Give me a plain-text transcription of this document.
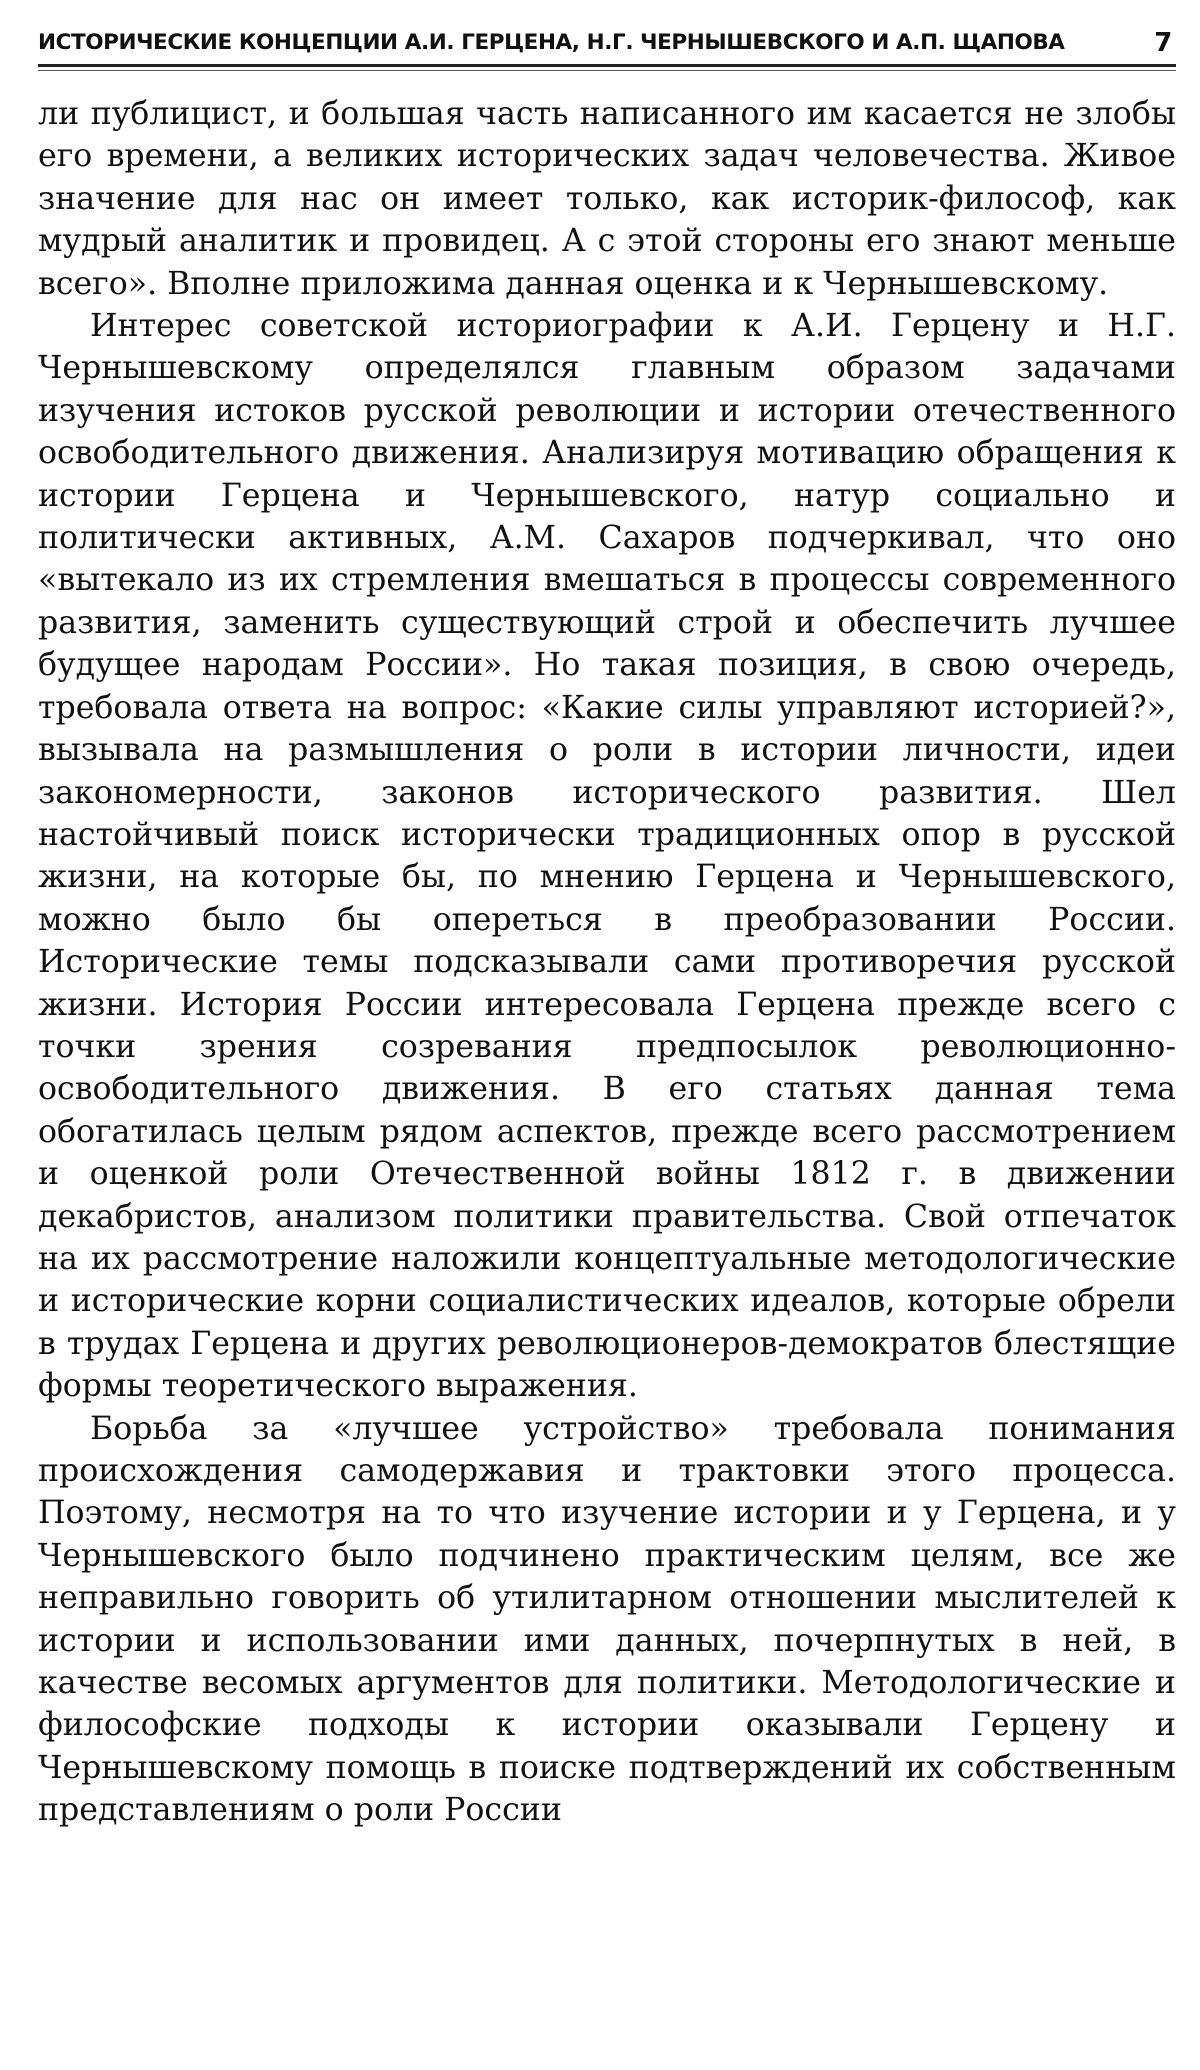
ИСТОРИЧЕСКИЕ КОНЦЕПЦИИ А.И. ГЕРЦЕНА, Н.Г. ЧЕРНЫШЕВСКОГО И А.П. ЩАПОВА	7

ли публицист, и большая часть написанного им касается не злобы его времени, а великих исторических задач человечества. Живое значение для нас он имеет только, как историк-философ, как мудрый аналитик и провидец. А с этой стороны его знают меньше всего». Вполне приложима данная оценка и к Чернышевскому.

Интерес советской историографии к А.И. Герцену и Н.Г. Чернышевскому определялся главным образом задачами изучения истоков русской революции и истории отечественного освободительного движения. Анализируя мотивацию обращения к истории Герцена и Чернышевского, натур социально и политически активных, А.М. Сахаров подчеркивал, что оно «вытекало из их стремления вмешаться в процессы современного развития, заменить существующий строй и обеспечить лучшее будущее народам России». Но такая позиция, в свою очередь, требовала ответа на вопрос: «Какие силы управляют историей?», вызывала на размышления о роли в истории личности, идеи закономерности, законов исторического развития. Шел настойчивый поиск исторически традиционных опор в русской жизни, на которые бы, по мнению Герцена и Чернышевского, можно было бы опереться в преобразовании России. Исторические темы подсказывали сами противоречия русской жизни. История России интересовала Герцена прежде всего с точки зрения созревания предпосылок революционно-освободительного движения. В его статьях данная тема обогатилась целым рядом аспектов, прежде всего рассмотрением и оценкой роли Отечественной войны 1812 г. в движении декабристов, анализом политики правительства. Свой отпечаток на их рассмотрение наложили концептуальные методологические и исторические корни социалистических идеалов, которые обрели в трудах Герцена и других революционеров-демократов блестящие формы теоретического выражения.

Борьба за «лучшее устройство» требовала понимания происхождения самодержавия и трактовки этого процесса. Поэтому, несмотря на то что изучение истории и у Герцена, и у Чернышевского было подчинено практическим целям, все же неправильно говорить об утилитарном отношении мыслителей к истории и использовании ими данных, почерпнутых в ней, в качестве весомых аргументов для политики. Методологические и философские подходы к истории оказывали Герцену и Чернышевскому помощь в поиске подтверждений их собственным представлениям о роли России
